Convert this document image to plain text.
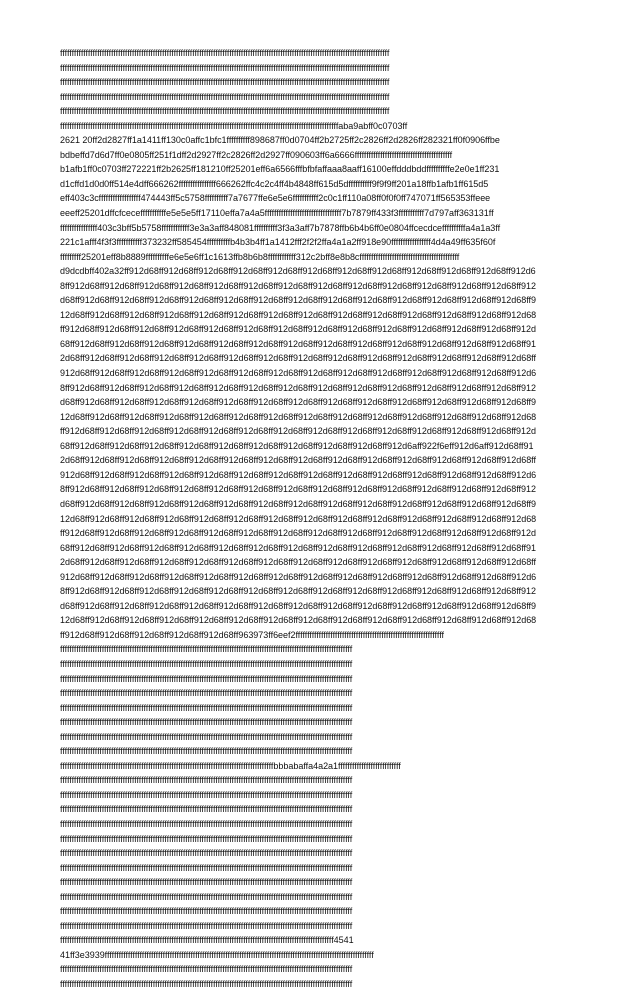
ffffffffffffffffffffffffffffffffffffffffffffffffffffffffffffffffffffffffffffffffffffffffffffffffffffffffffffffffffffffffffffffffffffffffffffff
ffffffffffffffffffffffffffffffffffffffffffffffffffffffffffffffffffffffffffffffffffffffffffffffffffffffffffffffffffffffffffffffffffffffffffffff
ffffffffffffffffffffffffffffffffffffffffffffffffffffffffffffffffffffffffffffffffffffffffffffffffffffffffffffffffffffffffffffffffffffffffffffff
ffffffffffffffffffffffffffffffffffffffffffffffffffffffffffffffffffffffffffffffffffffffffffffffffffffffffffffffffffffffffffffffffffffffffffffff
ffffffffffffffffffffffffffffffffffffffffffffffffffffffffffffffffffffffffffffffffffffffffffffffffffffffffffffffffffffffffffffffffffffffffffffff
ffffffffffffffffffffffffffffffffffffffffffffffffffffffffffffffffffffffffffffffffffffffffffffffffffffffffffffffffffffffffaba9abff0c0703ff
2621 20ff2d2827ff1a1411ff130c0affc1bfc1ffffffffff898687ff0d0704ff2b2725ff2c2826ff2d2826ff282321ff0f0906ffbe
bdbeffd7d6d7ff0e0805ff251f1dff2d2927ff2c2826ff2d2927ff090603ff6a6666ffffffffffffffffffffffffffffffffffffffffff
b1afb1ff0c0703ff272221ff2b2625ff181210ff25201eff6a6566fffbfbfaffaaa8aaff16100effdddbddffffffffffe2e0e1ff231
d1cffd1d0d0ff514e4dff666262ffffffffffffffff666262ffc4c2c4ff4b4848ff615d5dffffffffff9f9f9ff201a18ffb1afb1ff615d5
eff403c3cffffffffffffffffff474443ff5c5758ffffffffff7a7677ffe6e5e6fffffffffff2c0c1ff110a08ff0f0f0ff747071ff565353ffeee
eeeff25201dffcfcecefffffffffffe5e5e5ff17110effa7a4a5fffffffffffffffffffffffffffffffff7b7879ff433f3fffffffffff7d797aff363131ff
ffffffffffffffff403c3bff5b5758ffffffffffff3e3a3aff848081ffffffffff3f3a3aff7b7878ffb6b4b6ff0e0804ffcecdceffffffffffa4a1a3ff
221c1afff4f3f3fffffffffff373232ff585454ffffffffffb4b3b4ff1a1412fff2f2f2ffa4a1a2ff918e90fffffffffffffffff4d4a49ff635f60f
fffffffff25201eff8b8889ffffffffffe6e5e6ff1c1613ffb8b6b8ffffffffffff312c2bff8e8b8cfffffffffffffffffffffffffffffffffffffffffff
d9dcdbff402a32ff912d68ff912d68ff912d68ff912d68ff912d68ff912d68ff912d68ff912d68ff912d68ff912d68ff912d68ff912d6
8ff912d68ff912d68ff912d68ff912d68ff912d68ff912d68ff912d68ff912d68ff912d68ff912d68ff912d68ff912d68ff912d68ff912
d68ff912d68ff912d68ff912d68ff912d68ff912d68ff912d68ff912d68ff912d68ff912d68ff912d68ff912d68ff912d68ff912d68ff9
12d68ff912d68ff912d68ff912d68ff912d68ff912d68ff912d68ff912d68ff912d68ff912d68ff912d68ff912d68ff912d68ff912d68
ff912d68ff912d68ff912d68ff912d68ff912d68ff912d68ff912d68ff912d68ff912d68ff912d68ff912d68ff912d68ff912d68ff912d
68ff912d68ff912d68ff912d68ff912d68ff912d68ff912d68ff912d68ff912d68ff912d68ff912d68ff912d68ff912d68ff912d68ff91
2d68ff912d68ff912d68ff912d68ff912d68ff912d68ff912d68ff912d68ff912d68ff912d68ff912d68ff912d68ff912d68ff912d68ff
912d68ff912d68ff912d68ff912d68ff912d68ff912d68ff912d68ff912d68ff912d68ff912d68ff912d68ff912d68ff912d68ff912d6
8ff912d68ff912d68ff912d68ff912d68ff912d68ff912d68ff912d68ff912d68ff912d68ff912d68ff912d68ff912d68ff912d68ff912
d68ff912d68ff912d68ff912d68ff912d68ff912d68ff912d68ff912d68ff912d68ff912d68ff912d68ff912d68ff912d68ff912d68ff9
12d68ff912d68ff912d68ff912d68ff912d68ff912d68ff912d68ff912d68ff912d68ff912d68ff912d68ff912d68ff912d68ff912d68
ff912d68ff912d68ff912d68ff912d68ff912d68ff912d68ff912d68ff912d68ff912d68ff912d68ff912d68ff912d68ff912d68ff912d
68ff912d68ff912d68ff912d68ff912d68ff912d68ff912d68ff912d68ff912d68ff912d68ff912d6aff922f6eff912d6aff912d68ff91
2d68ff912d68ff912d68ff912d68ff912d68ff912d68ff912d68ff912d68ff912d68ff912d68ff912d68ff912d68ff912d68ff912d68ff
912d68ff912d68ff912d68ff912d68ff912d68ff912d68ff912d68ff912d68ff912d68ff912d68ff912d68ff912d68ff912d68ff912d6
8ff912d68ff912d68ff912d68ff912d68ff912d68ff912d68ff912d68ff912d68ff912d68ff912d68ff912d68ff912d68ff912d68ff912
d68ff912d68ff912d68ff912d68ff912d68ff912d68ff912d68ff912d68ff912d68ff912d68ff912d68ff912d68ff912d68ff912d68ff9
12d68ff912d68ff912d68ff912d68ff912d68ff912d68ff912d68ff912d68ff912d68ff912d68ff912d68ff912d68ff912d68ff912d68
ff912d68ff912d68ff912d68ff912d68ff912d68ff912d68ff912d68ff912d68ff912d68ff912d68ff912d68ff912d68ff912d68ff912d
68ff912d68ff912d68ff912d68ff912d68ff912d68ff912d68ff912d68ff912d68ff912d68ff912d68ff912d68ff912d68ff912d68ff91
2d68ff912d68ff912d68ff912d68ff912d68ff912d68ff912d68ff912d68ff912d68ff912d68ff912d68ff912d68ff912d68ff912d68ff
912d68ff912d68ff912d68ff912d68ff912d68ff912d68ff912d68ff912d68ff912d68ff912d68ff912d68ff912d68ff912d68ff912d6
8ff912d68ff912d68ff912d68ff912d68ff912d68ff912d68ff912d68ff912d68ff912d68ff912d68ff912d68ff912d68ff912d68ff912
d68ff912d68ff912d68ff912d68ff912d68ff912d68ff912d68ff912d68ff912d68ff912d68ff912d68ff912d68ff912d68ff912d68ff9
12d68ff912d68ff912d68ff912d68ff912d68ff912d68ff912d68ff912d68ff912d68ff912d68ff912d68ff912d68ff912d68ff912d68
ff912d68ff912d68ff912d68ff912d68ff912d68ff963973ff6eef2ffffffffffffffffffffffffffffffffffffffffffffffffffffffffffffffff
ffffffffffffffffffffffffffffffffffffffffffffffffffffffffffffffffffffffffffffffffffffffffffffffffffffffffffffffffffffffffffffff
ffffffffffffffffffffffffffffffffffffffffffffffffffffffffffffffffffffffffffffffffffffffffffffffffffffffffffffffffffffffffffffff
ffffffffffffffffffffffffffffffffffffffffffffffffffffffffffffffffffffffffffffffffffffffffffffffffffffffffffffffffffffffffffffff
ffffffffffffffffffffffffffffffffffffffffffffffffffffffffffffffffffffffffffffffffffffffffffffffffffffffffffffffffffffffffffffff
ffffffffffffffffffffffffffffffffffffffffffffffffffffffffffffffffffffffffffffffffffffffffffffffffffffffffffffffffffffffffffffff
ffffffffffffffffffffffffffffffffffffffffffffffffffffffffffffffffffffffffffffffffffffffffffffffffffffffffffffffffffffffffffffff
ffffffffffffffffffffffffffffffffffffffffffffffffffffffffffffffffffffffffffffffffffffffffffffffffffffffffffffffffffffffffffffff
ffffffffffffffffffffffffffffffffffffffffffffffffffffffffffffffffffffffffffffffffffffffffffffffffffffffffffffffffffffffffffffff
ffffffffffffffffffffffffffffffffffffffffffffffffffffffffffffffffffffffffffffffffffffffffffffbbbabaffa4a2a1fffffffffffffffffffffffffff
ffffffffffffffffffffffffffffffffffffffffffffffffffffffffffffffffffffffffffffffffffffffffffffffffffffffffffffffffffffffffffffff
ffffffffffffffffffffffffffffffffffffffffffffffffffffffffffffffffffffffffffffffffffffffffffffffffffffffffffffffffffffffffffffff
ffffffffffffffffffffffffffffffffffffffffffffffffffffffffffffffffffffffffffffffffffffffffffffffffffffffffffffffffffffffffffffff
ffffffffffffffffffffffffffffffffffffffffffffffffffffffffffffffffffffffffffffffffffffffffffffffffffffffffffffffffffffffffffffff
ffffffffffffffffffffffffffffffffffffffffffffffffffffffffffffffffffffffffffffffffffffffffffffffffffffffffffffffffffffffffffffff
ffffffffffffffffffffffffffffffffffffffffffffffffffffffffffffffffffffffffffffffffffffffffffffffffffffffffffffffffffffffffffffff
ffffffffffffffffffffffffffffffffffffffffffffffffffffffffffffffffffffffffffffffffffffffffffffffffffffffffffffffffffffffffffffff
ffffffffffffffffffffffffffffffffffffffffffffffffffffffffffffffffffffffffffffffffffffffffffffffffffffffffffffffffffffffffffffff
ffffffffffffffffffffffffffffffffffffffffffffffffffffffffffffffffffffffffffffffffffffffffffffffffffffffffffffffffffffffffffffff
ffffffffffffffffffffffffffffffffffffffffffffffffffffffffffffffffffffffffffffffffffffffffffffffffffffffffffffffffffffffffffffff
ffffffffffffffffffffffffffffffffffffffffffffffffffffffffffffffffffffffffffffffffffffffffffffffffffffffffffffffffffffffffffffff
ffffffffffffffffffffffffffffffffffffffffffffffffffffffffffffffffffffffffffffffffffffffffffffffffffffffffffffffffffffff4541
41ff3e3939ffffffffffffffffffffffffffffffffffffffffffffffffffffffffffffffffffffffffffffffffffffffffffffffffffffffffffffffffffff
ffffffffffffffffffffffffffffffffffffffffffffffffffffffffffffffffffffffffffffffffffffffffffffffffffffffffffffffffffffffffffffff
ffffffffffffffffffffffffffffffffffffffffffffffffffffffffffffffffffffffffffffffffffffffffffffffffffffffffffffffffffffffffffffff
